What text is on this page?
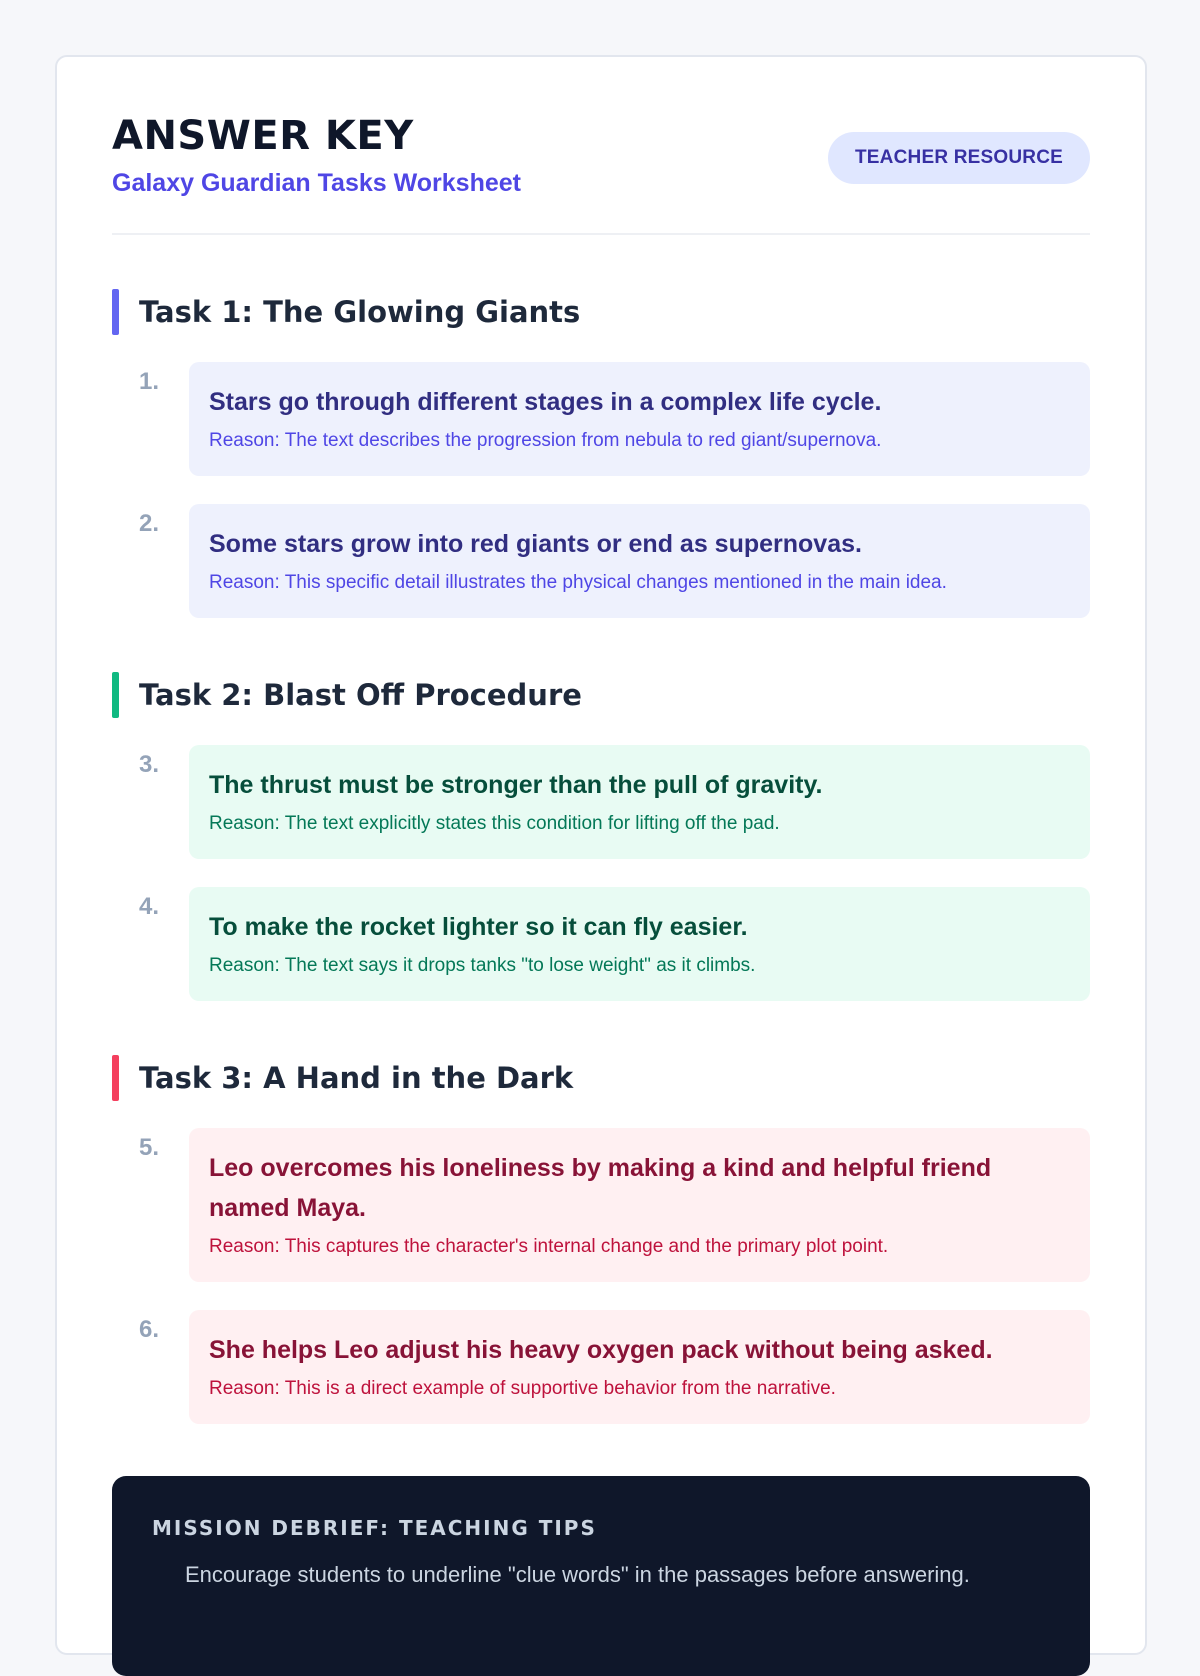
ANSWER KEY
Galaxy Guardian Tasks Worksheet
TEACHER RESOURCE
Task 1: The Glowing Giants
1.
Stars go through different stages in a complex life cycle.
Reason: The text describes the progression from nebula to red giant/supernova.
2.
Some stars grow into red giants or end as supernovas.
Reason: This specific detail illustrates the physical changes mentioned in the main idea.
Task 2: Blast Off Procedure
3.
The thrust must be stronger than the pull of gravity.
Reason: The text explicitly states this condition for lifting off the pad.
4.
To make the rocket lighter so it can fly easier.
Reason: The text says it drops tanks "to lose weight" as it climbs.
Task 3: A Hand in the Dark
5.
Leo overcomes his loneliness by making a kind and helpful friend named Maya.
Reason: This captures the character's internal change and the primary plot point.
6.
She helps Leo adjust his heavy oxygen pack without being asked.
Reason: This is a direct example of supportive behavior from the narrative.
MISSION DEBRIEF: TEACHING TIPS
Encourage students to underline "clue words" in the passages before answering.
